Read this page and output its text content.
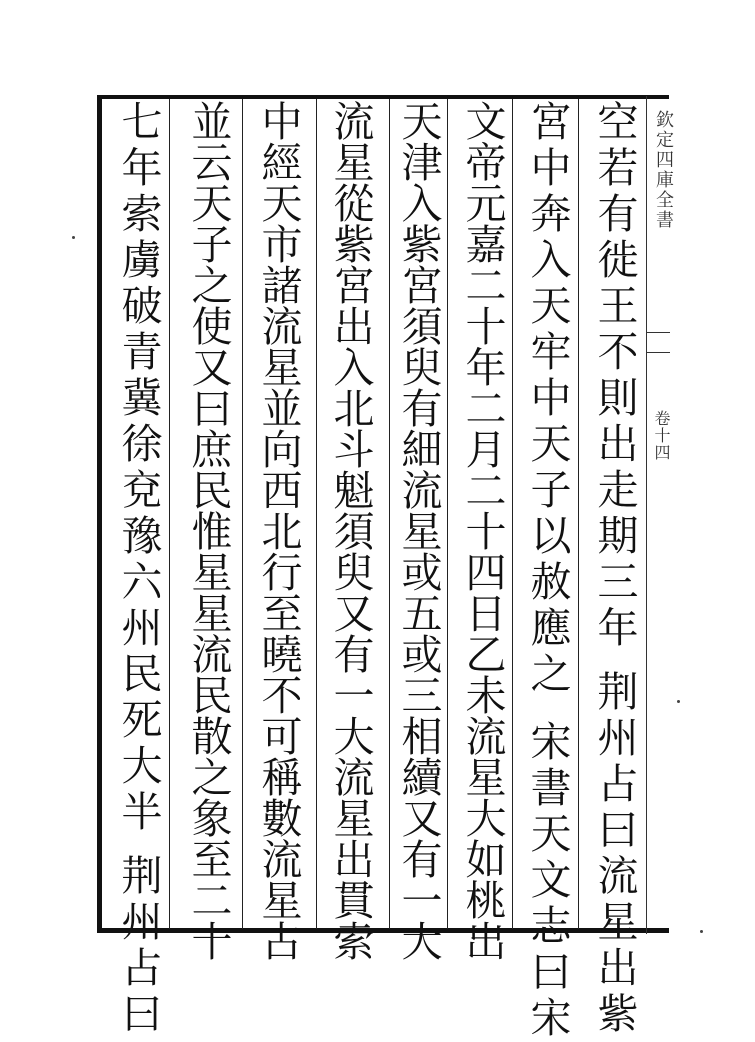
欽定四庫全書
卷十四
空若有徙王不則出走期三年
荆州占曰流星出紫
宮中奔入天牢中天子以赦應之
宋書天文志曰宋
文帝元嘉二十年二月二十四日乙未流星大如桃出
天津入紫宮須臾有細流星或五或三相續又有一大
流星從紫宮出入北斗魁須臾又有一大流星出貫索
中經天市諸流星並向西北行至曉不可稱數流星占
並云天子之使又曰庶民惟星星流民散之象至二十
七年索虜破青冀徐兗豫六州民死大半
荆州占曰
